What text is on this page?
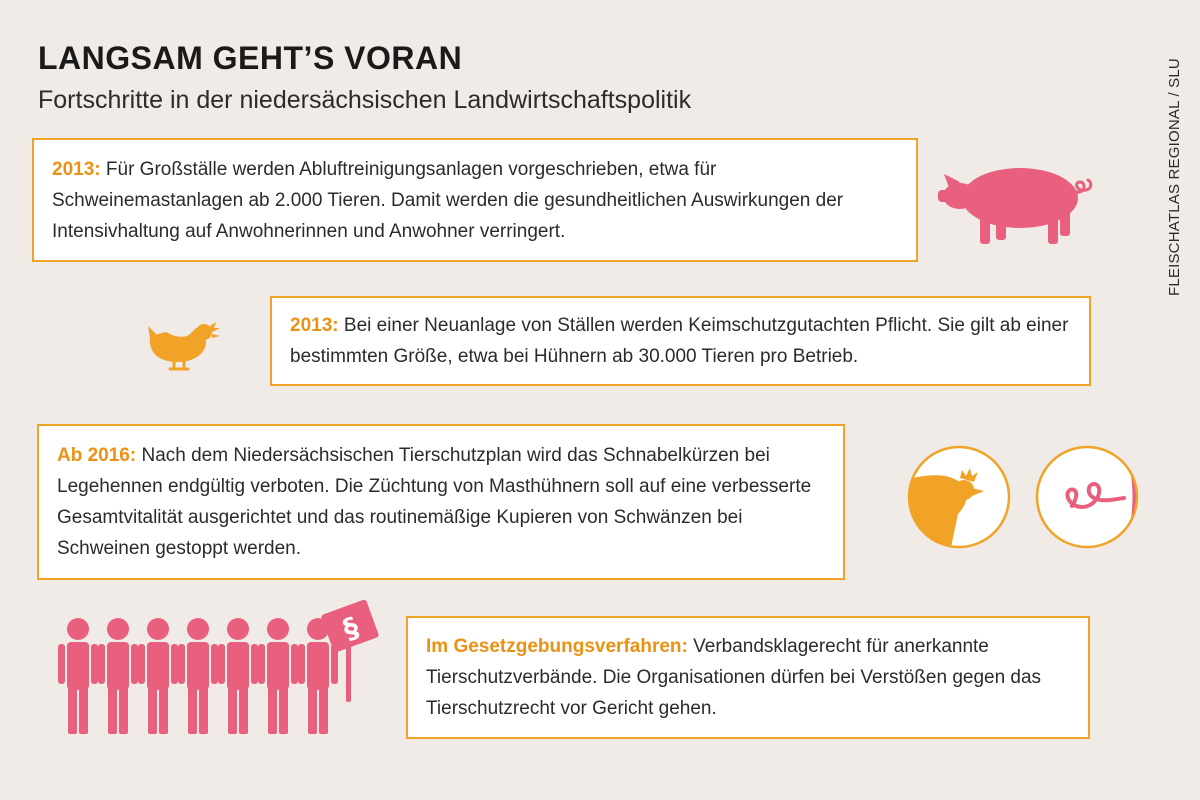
LANGSAM GEHT’S VORAN
Fortschritte in der niedersächsischen Landwirtschaftspolitik	FLEISCHATLAS REGIONAL / SLU
2013: Für Großställe werden Abluftreinigungsanlagen vorgeschrieben, etwa für Schweinemastanlagen ab 2.000 Tieren. Damit werden die gesundheitlichen Auswirkungen der Intensivhaltung auf Anwohnerinnen und Anwohner verringert.
2013: Bei einer Neuanlage von Ställen werden Keimschutzgutachten Pflicht. Sie gilt ab einer bestimmten Größe, etwa bei Hühnern ab 30.000 Tieren pro Betrieb.
Ab 2016: Nach dem Niedersächsischen Tierschutzplan wird das Schnabelkürzen bei Legehennen endgültig verboten. Die Züchtung von Masthühnern soll auf eine verbesserte Gesamtvitalität ausgerichtet und das routinemäßige Kupieren von Schwänzen bei Schweinen gestoppt werden.
Im Gesetzgebungsverfahren: Verbandsklagerecht für anerkannte Tierschutzverbände. Die Organisationen dürfen bei Verstößen gegen das Tierschutzrecht vor Gericht gehen.
§
